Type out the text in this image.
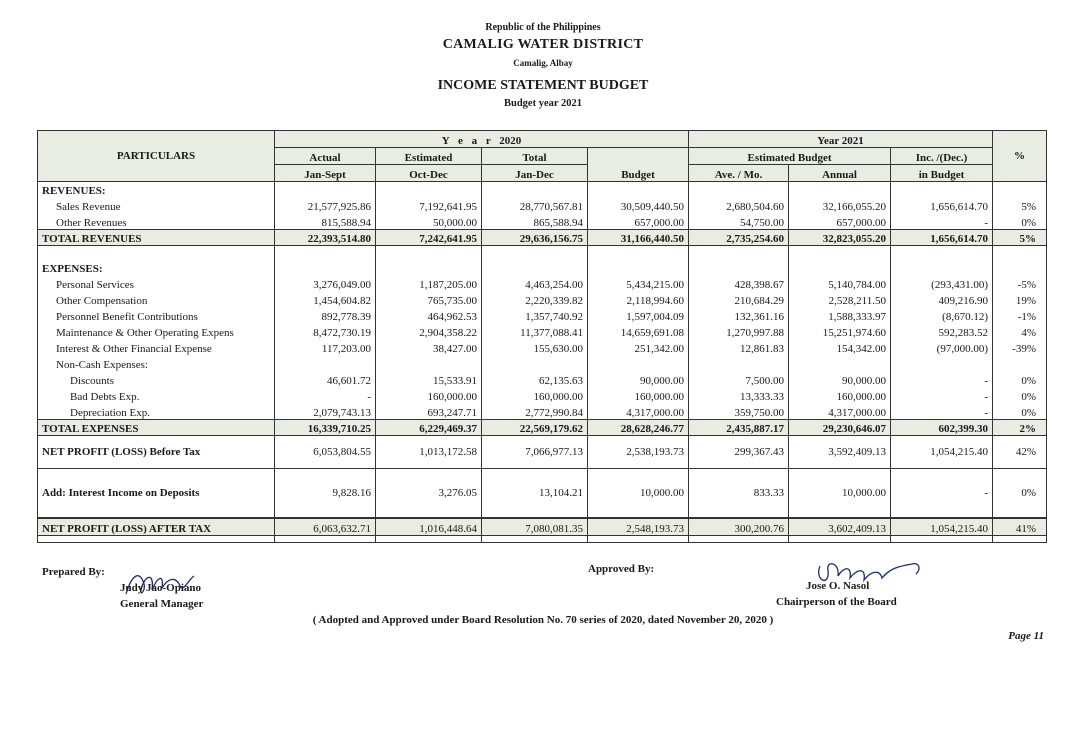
Republic of the Philippines
CAMALIG WATER DISTRICT
Camalig, Albay
INCOME STATEMENT BUDGET
Budget year 2021
PARTICULARS	Y e a r 2020				Year 2021			%
	Actual	Estimated	Total	Budget	Estimated Budget		Inc. /(Dec.)	
	Jan-Sept	Oct-Dec	Jan-Dec		Ave. / Mo.	Annual	in Budget	
REVENUES:								
Sales Revenue	21,577,925.86	7,192,641.95	28,770,567.81	30,509,440.50	2,680,504.60	32,166,055.20	1,656,614.70	5%
Other Revenues	815,588.94	50,000.00	865,588.94	657,000.00	54,750.00	657,000.00	-	0%
TOTAL REVENUES	22,393,514.80	7,242,641.95	29,636,156.75	31,166,440.50	2,735,254.60	32,823,055.20	1,656,614.70	5%

EXPENSES:								
Personal Services	3,276,049.00	1,187,205.00	4,463,254.00	5,434,215.00	428,398.67	5,140,784.00	(293,431.00)	-5%
Other Compensation	1,454,604.82	765,735.00	2,220,339.82	2,118,994.60	210,684.29	2,528,211.50	409,216.90	19%
Personnel Benefit Contributions	892,778.39	464,962.53	1,357,740.92	1,597,004.09	132,361.16	1,588,333.97	(8,670.12)	-1%
Maintenance & Other Operating Expens	8,472,730.19	2,904,358.22	11,377,088.41	14,659,691.08	1,270,997.88	15,251,974.60	592,283.52	4%
Interest & Other Financial Expense	117,203.00	38,427.00	155,630.00	251,342.00	12,861.83	154,342.00	(97,000.00)	-39%
Non-Cash Expenses:								
Discounts	46,601.72	15,533.91	62,135.63	90,000.00	7,500.00	90,000.00	-	0%
Bad Debts Exp.	-	160,000.00	160,000.00	160,000.00	13,333.33	160,000.00	-	0%
Depreciation Exp.	2,079,743.13	693,247.71	2,772,990.84	4,317,000.00	359,750.00	4,317,000.00	-	0%
TOTAL EXPENSES	16,339,710.25	6,229,469.37	22,569,179.62	28,628,246.77	2,435,887.17	29,230,646.07	602,399.30	2%
NET PROFIT (LOSS) Before Tax	6,053,804.55	1,013,172.58	7,066,977.13	2,538,193.73	299,367.43	3,592,409.13	1,054,215.40	42%
Add: Interest Income on Deposits	9,828.16	3,276.05	13,104.21	10,000.00	833.33	10,000.00	-	0%
NET PROFIT (LOSS) AFTER TAX	6,063,632.71	1,016,448.64	7,080,081.35	2,548,193.73	300,200.76	3,602,409.13	1,054,215.40	41%

Prepared By:
Judy Jao-Opiano
General Manager
Approved By:
Jose O. Nasol
Chairperson of the Board
( Adopted and Approved under Board Resolution No. 70 series of 2020, dated November 20, 2020 )
Page 11
